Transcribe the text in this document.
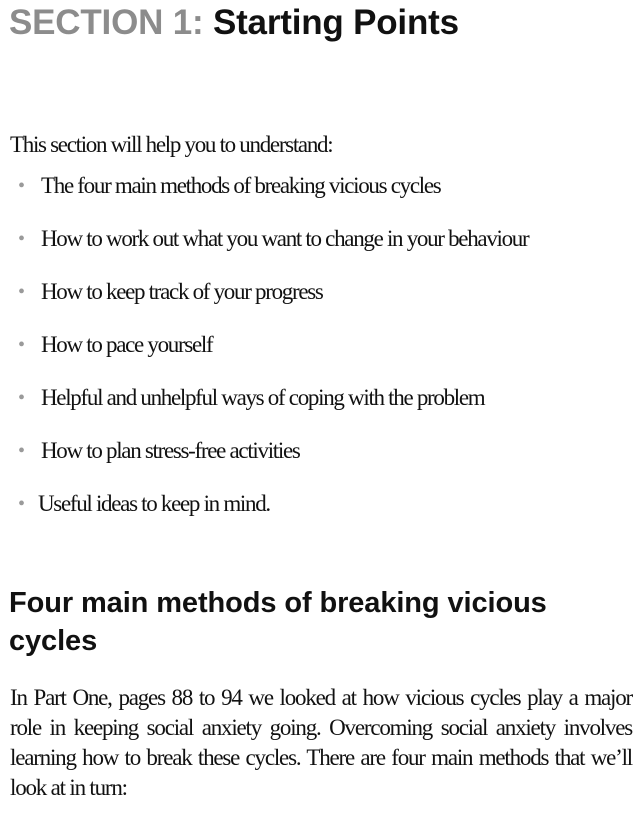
SECTION 1: Starting Points

This section will help you to understand:

• The four main methods of breaking vicious cycles
• How to work out what you want to change in your behaviour
• How to keep track of your progress
• How to pace yourself
• Helpful and unhelpful ways of coping with the problem
• How to plan stress-free activities
• Useful ideas to keep in mind.
Four main methods of breaking vicious cycles

In Part One, pages 88 to 94 we looked at how vicious cycles play a major role in keeping social anxiety going. Overcoming social anxiety involves learning how to break these cycles. There are four main methods that we’ll look at in turn:
